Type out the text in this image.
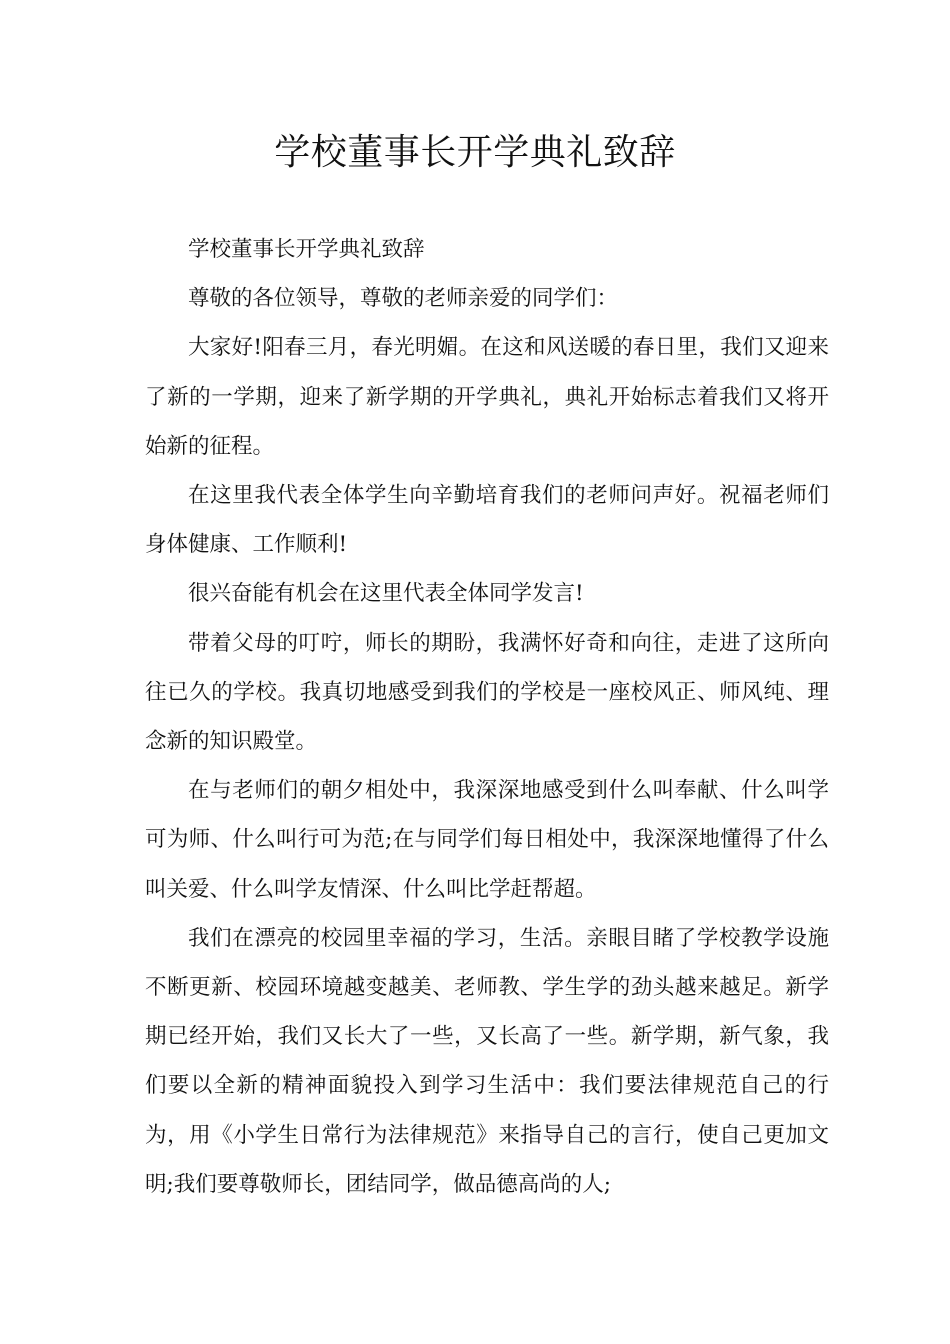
学校董事长开学典礼致辞

学校董事长开学典礼致辞

尊敬的各位领导，尊敬的老师亲爱的同学们：

大家好!阳春三月，春光明媚。在这和风送暖的春日里，我们又迎来了新的一学期，迎来了新学期的开学典礼，典礼开始标志着我们又将开始新的征程。

在这里我代表全体学生向辛勤培育我们的老师问声好。祝福老师们身体健康、工作顺利!

很兴奋能有机会在这里代表全体同学发言!

带着父母的叮咛，师长的期盼，我满怀好奇和向往，走进了这所向往已久的学校。我真切地感受到我们的学校是一座校风正、师风纯、理念新的知识殿堂。

在与老师们的朝夕相处中，我深深地感受到什么叫奉献、什么叫学可为师、什么叫行可为范;在与同学们每日相处中，我深深地懂得了什么叫关爱、什么叫学友情深、什么叫比学赶帮超。

我们在漂亮的校园里幸福的学习，生活。亲眼目睹了学校教学设施不断更新、校园环境越变越美、老师教、学生学的劲头越来越足。新学期已经开始，我们又长大了一些，又长高了一些。新学期，新气象，我们要以全新的精神面貌投入到学习生活中：我们要法律规范自己的行为，用《小学生日常行为法律规范》来指导自己的言行，使自己更加文明;我们要尊敬师长，团结同学，做品德高尚的人;
